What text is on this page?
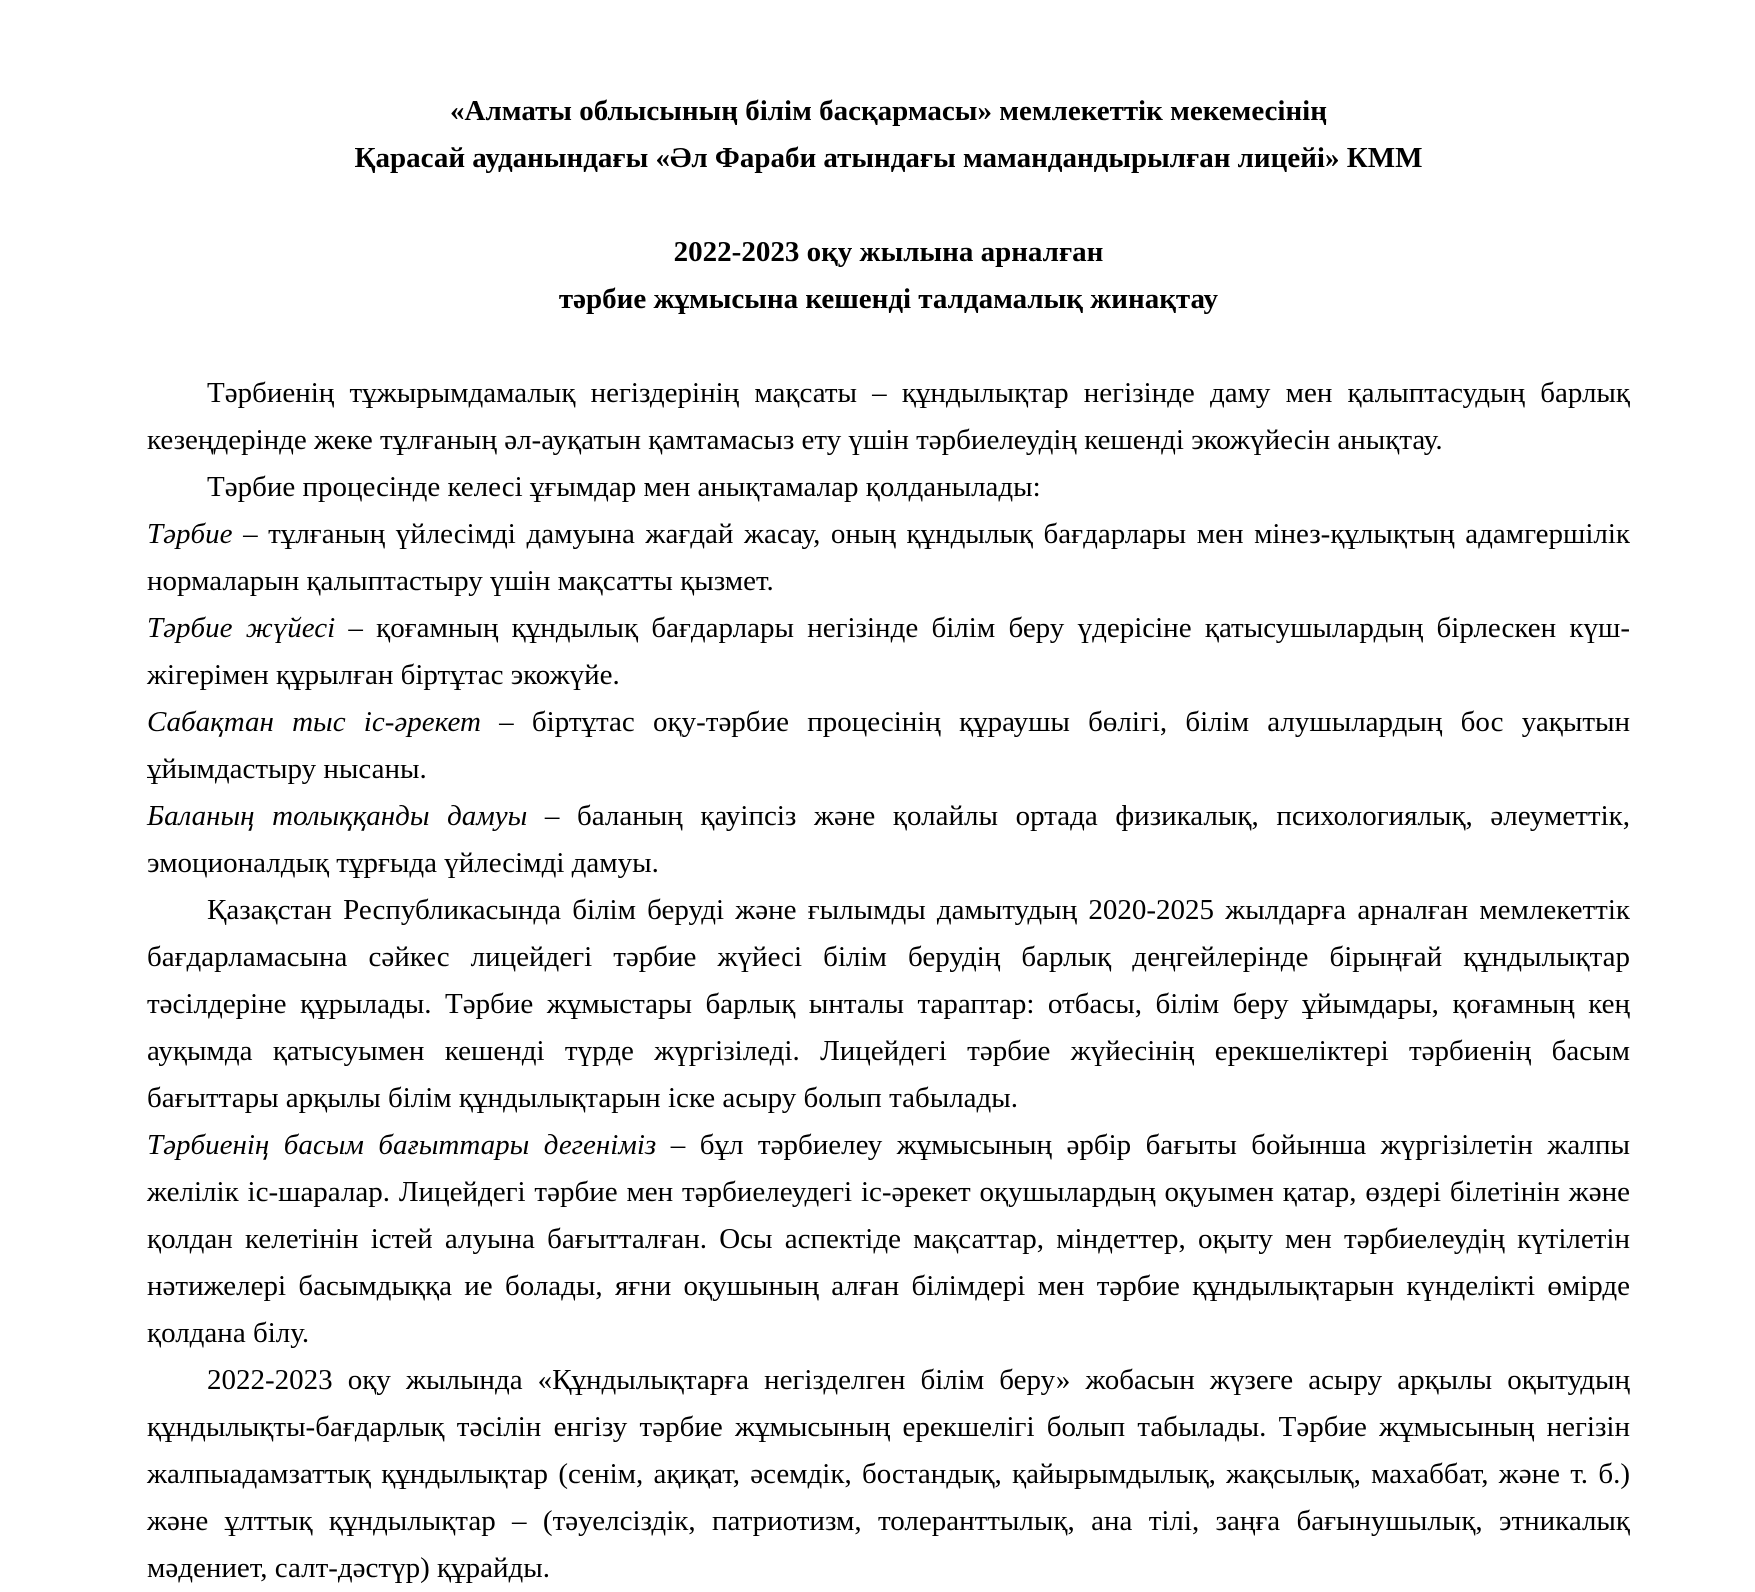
«Алматы облысының білім басқармасы» мемлекеттік мекемесінің
Қарасай ауданындағы «Әл Фараби атындағы мамандандырылған лицейі» КММ
2022-2023 оқу жылына арналған
тәрбие жұмысына кешенді талдамалық жинақтау

Тәрбиенің тұжырымдамалық негіздерінің мақсаты – құндылықтар негізінде даму мен қалыптасудың барлық кезеңдерінде жеке тұлғаның әл-ауқатын қамтамасыз ету үшін тәрбиелеудің кешенді экожүйесін анықтау.

Тәрбие процесінде келесі ұғымдар мен анықтамалар қолданылады:

Тәрбие – тұлғаның үйлесімді дамуына жағдай жасау, оның құндылық бағдарлары мен мінез-құлықтың адамгершілік нормаларын қалыптастыру үшін мақсатты қызмет.

Тәрбие жүйесі – қоғамның құндылық бағдарлары негізінде білім беру үдерісіне қатысушылардың бірлескен күш-жігерімен құрылған біртұтас экожүйе.

Сабақтан тыс іс-әрекет – біртұтас оқу-тәрбие процесінің құраушы бөлігі, білім алушылардың бос уақытын ұйымдастыру нысаны.

Баланың толыққанды дамуы – баланың қауіпсіз және қолайлы ортада физикалық, психологиялық, әлеуметтік, эмоционалдық тұрғыда үйлесімді дамуы.

Қазақстан Республикасында білім беруді және ғылымды дамытудың 2020-2025 жылдарға арналған мемлекеттік бағдарламасына сәйкес лицейдегі тәрбие жүйесі білім берудің барлық деңгейлерінде бірыңғай құндылықтар тәсілдеріне құрылады. Тәрбие жұмыстары барлық ынталы тараптар: отбасы, білім беру ұйымдары, қоғамның кең ауқымда қатысуымен кешенді түрде жүргізіледі. Лицейдегі тәрбие жүйесінің ерекшеліктері тәрбиенің басым бағыттары арқылы білім құндылықтарын іске асыру болып табылады.

Тәрбиенің басым бағыттары дегеніміз – бұл тәрбиелеу жұмысының әрбір бағыты бойынша жүргізілетін жалпы желілік іс-шаралар. Лицейдегі тәрбие мен тәрбиелеудегі іс-әрекет оқушылардың оқуымен қатар, өздері білетінін және қолдан келетінін істей алуына бағытталған. Осы аспектіде мақсаттар, міндеттер, оқыту мен тәрбиелеудің күтілетін нәтижелері басымдыққа ие болады, яғни оқушының алған білімдері мен тәрбие құндылықтарын күнделікті өмірде қолдана білу.

2022-2023 оқу жылында «Құндылықтарға негізделген білім беру» жобасын жүзеге асыру арқылы оқытудың құндылықты-бағдарлық тәсілін енгізу тәрбие жұмысының ерекшелігі болып табылады. Тәрбие жұмысының негізін жалпыадамзаттық құндылықтар (сенім, ақиқат, әсемдік, бостандық, қайырымдылық, жақсылық, махаббат, және т. б.) және ұлттық құндылықтар – (тәуелсіздік, патриотизм, толеранттылық, ана тілі, заңға бағынушылық, этникалық мәдениет, салт-дәстүр) құрайды.
